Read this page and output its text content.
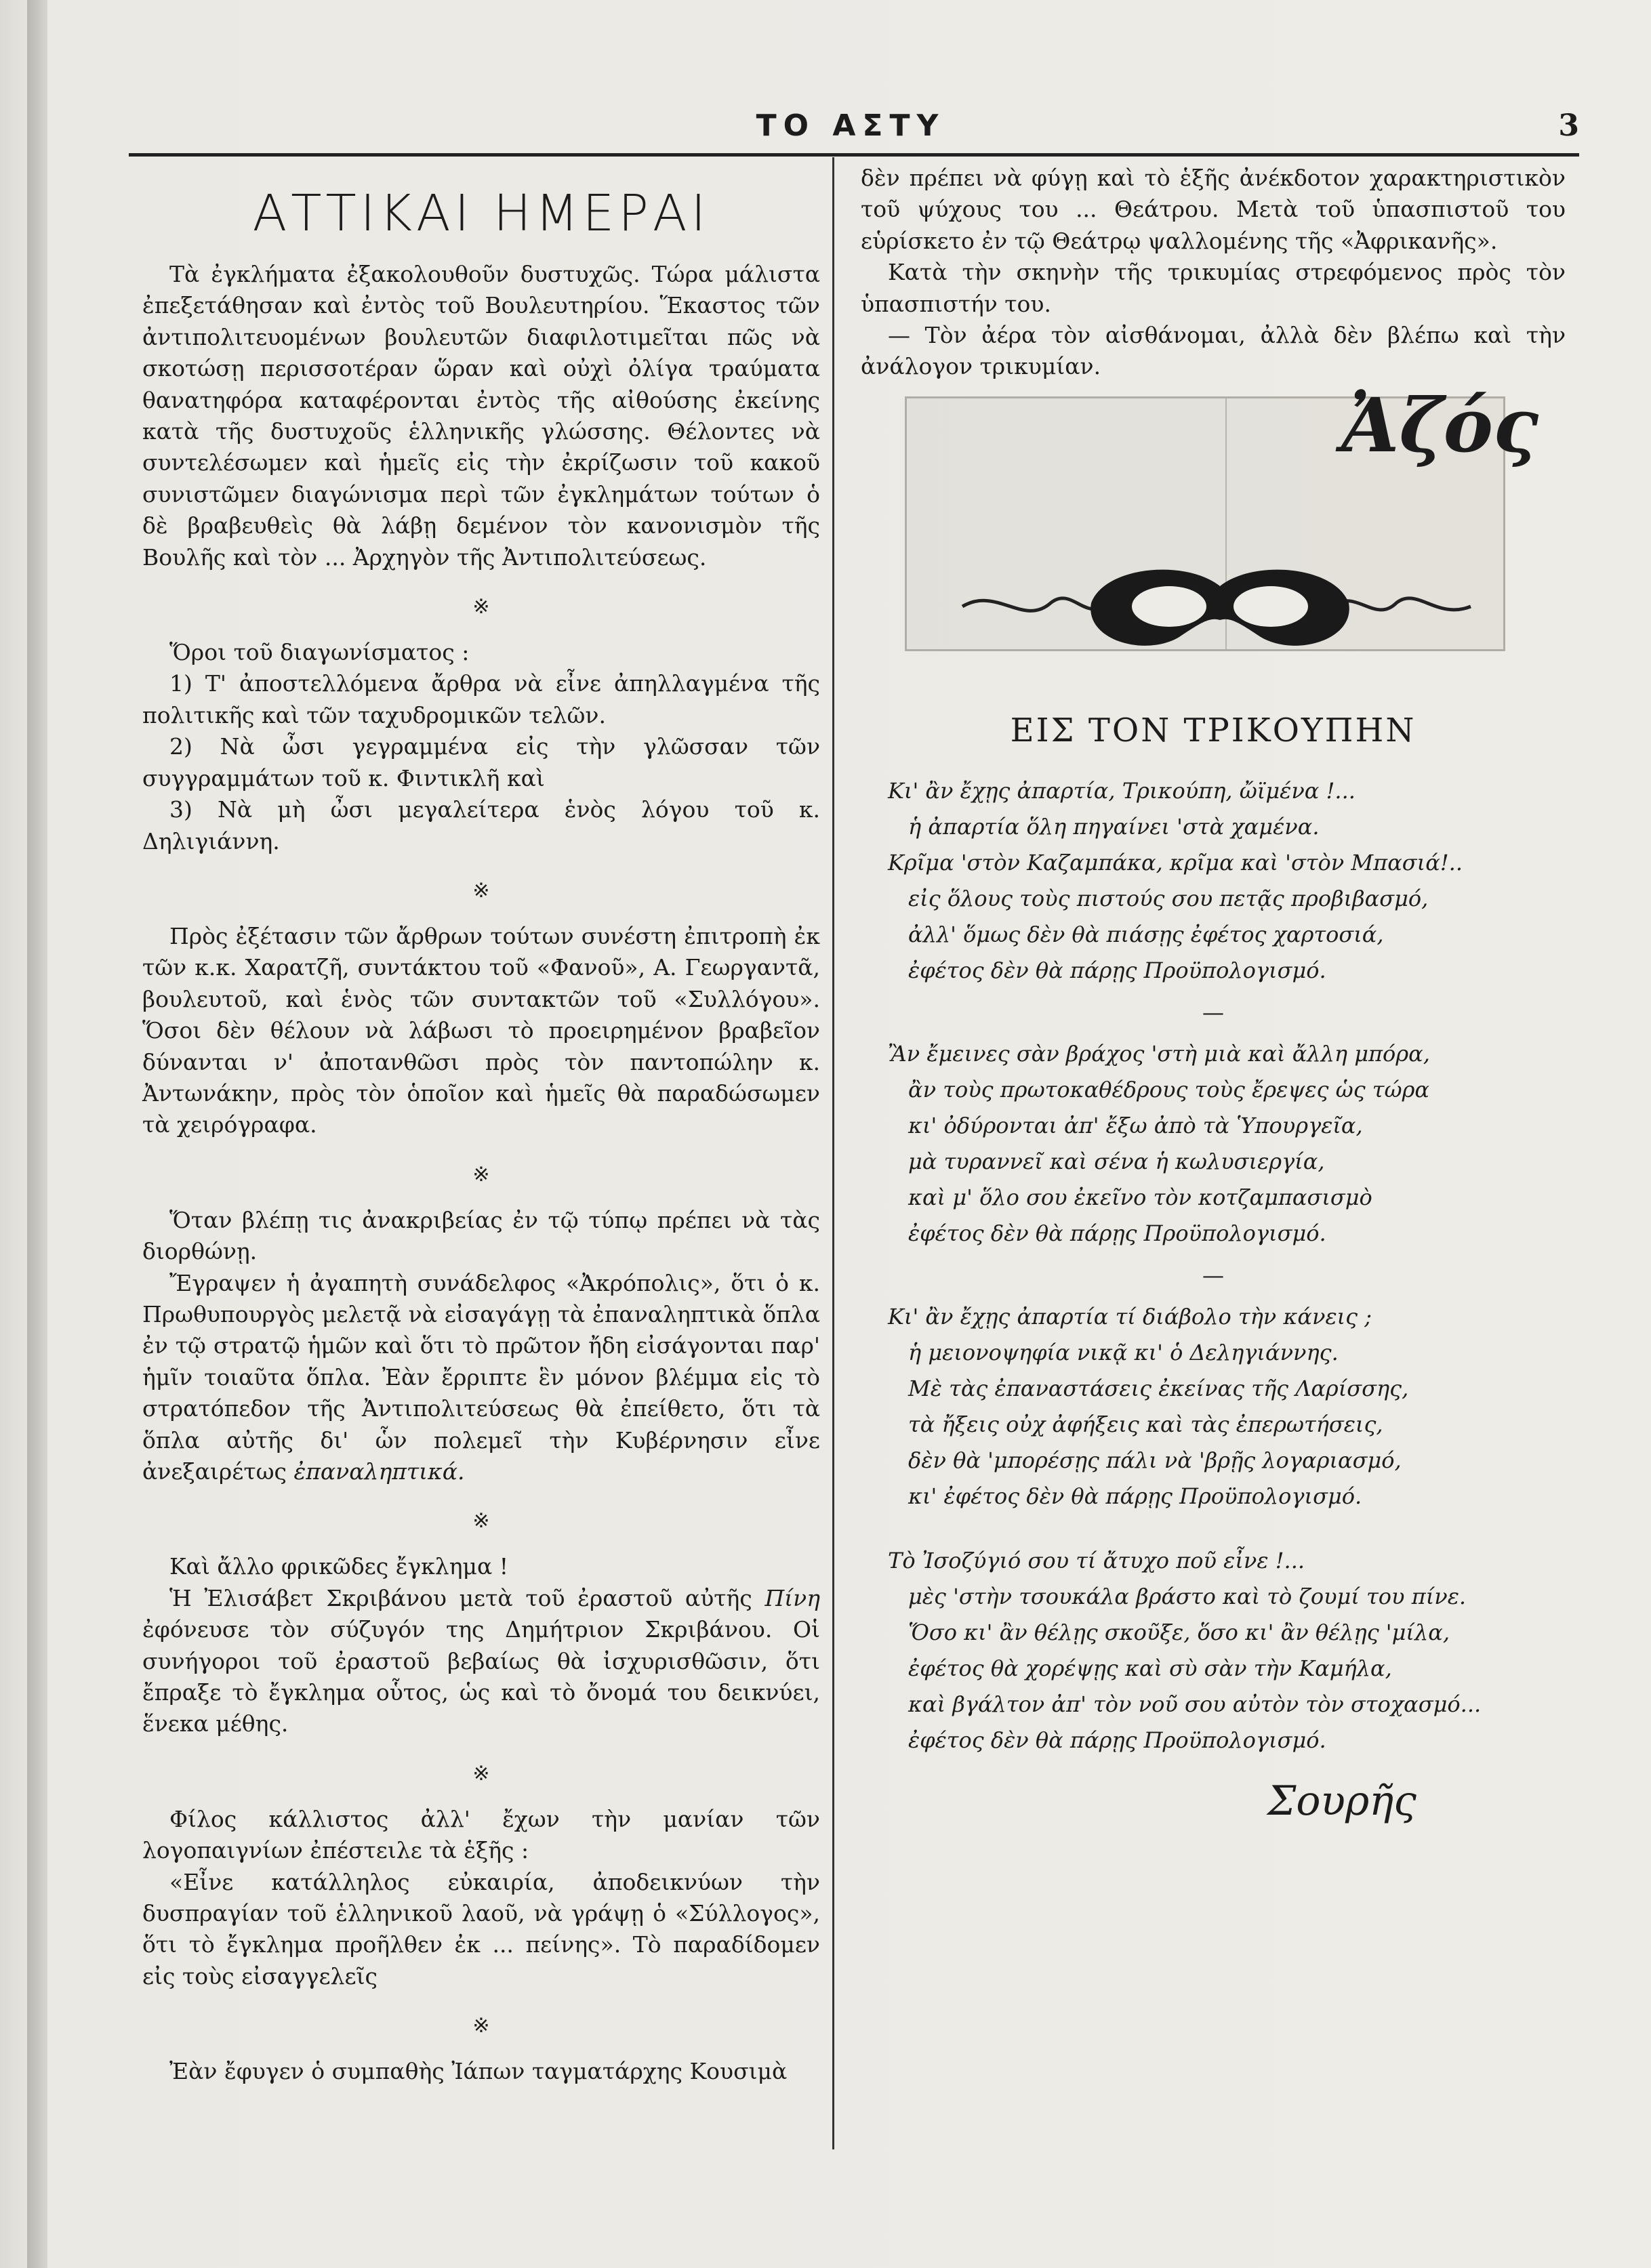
ΤΟ ΑΣΤΥ	3
ΑΤΤΙΚΑΙ ΗΜΕΡΑΙ

Τὰ ἐγκλήματα ἐξακολουθοῦν δυστυχῶς. Τώρα μάλιστα ἐπεξετάθησαν καὶ ἐντὸς τοῦ Βουλευτηρίου. Ἕκαστος τῶν ἀντιπολιτευομένων βουλευτῶν διαφιλοτιμεῖται πῶς νὰ σκοτώσῃ περισσοτέραν ὥραν καὶ οὐχὶ ὀλίγα τραύματα θανατηφόρα καταφέρονται ἐντὸς τῆς αἰθούσης ἐκείνης κατὰ τῆς δυστυχοῦς ἑλληνικῆς γλώσσης. Θέλοντες νὰ συντελέσωμεν καὶ ἡμεῖς εἰς τὴν ἐκρίζωσιν τοῦ κακοῦ συνιστῶμεν διαγώνισμα περὶ τῶν ἐγκλημάτων τούτων ὁ δὲ βραβευθεὶς θὰ λάβῃ δεμένον τὸν κανονισμὸν τῆς Βουλῆς καὶ τὸν ... Ἀρχηγὸν τῆς Ἀντιπολιτεύσεως.

※

Ὅροι τοῦ διαγωνίσματος :

1) Τ' ἀποστελλόμενα ἄρθρα νὰ εἶνε ἀπηλλαγμένα τῆς πολιτικῆς καὶ τῶν ταχυδρομικῶν τελῶν.

2) Νὰ ὦσι γεγραμμένα εἰς τὴν γλῶσσαν τῶν συγγραμμάτων τοῦ κ. Φιντικλῆ καὶ

3) Νὰ μὴ ὦσι μεγαλείτερα ἑνὸς λόγου τοῦ κ. Δηλιγιάννη.

※

Πρὸς ἐξέτασιν τῶν ἄρθρων τούτων συνέστη ἐπιτροπὴ ἐκ τῶν κ.κ. Χαρατζῆ, συντάκτου τοῦ «Φανοῦ», Α. Γεωργαντᾶ, βουλευτοῦ, καὶ ἑνὸς τῶν συντακτῶν τοῦ «Συλλόγου». Ὅσοι δὲν θέλουν νὰ λάβωσι τὸ προειρημένον βραβεῖον δύνανται ν' ἀποτανθῶσι πρὸς τὸν παντοπώλην κ. Ἀντωνάκην, πρὸς τὸν ὁποῖον καὶ ἡμεῖς θὰ παραδώσωμεν τὰ χειρόγραφα.

※

Ὅταν βλέπῃ τις ἀνακριβείας ἐν τῷ τύπῳ πρέπει νὰ τὰς διορθώνῃ.

Ἔγραψεν ἡ ἀγαπητὴ συνάδελφος «Ἀκρόπολις», ὅτι ὁ κ. Πρωθυπουργὸς μελετᾷ νὰ εἰσαγάγῃ τὰ ἐπαναληπτικὰ ὅπλα ἐν τῷ στρατῷ ἡμῶν καὶ ὅτι τὸ πρῶτον ἤδη εἰσάγονται παρ' ἡμῖν τοιαῦτα ὅπλα. Ἐὰν ἔρριπτε ἓν μόνον βλέμμα εἰς τὸ στρατόπεδον τῆς Ἀντιπολιτεύσεως θὰ ἐπείθετο, ὅτι τὰ ὅπλα αὐτῆς δι' ὧν πολεμεῖ τὴν Κυβέρνησιν εἶνε ἀνεξαιρέτως ἐπαναληπτικά.

※

Καὶ ἄλλο φρικῶδες ἔγκλημα !

Ἡ Ἐλισάβετ Σκριβάνου μετὰ τοῦ ἐραστοῦ αὐτῆς Πίνη ἐφόνευσε τὸν σύζυγόν της Δημήτριον Σκριβάνου. Οἱ συνήγοροι τοῦ ἐραστοῦ βεβαίως θὰ ἰσχυρισθῶσιν, ὅτι ἔπραξε τὸ ἔγκλημα οὗτος, ὡς καὶ τὸ ὄνομά του δεικνύει, ἕνεκα μέθης.

※

Φίλος κάλλιστος ἀλλ' ἔχων τὴν μανίαν τῶν λογοπαιγνίων ἐπέστειλε τὰ ἑξῆς :

«Εἶνε κατάλληλος εὐκαιρία, ἀποδεικνύων τὴν δυσπραγίαν τοῦ ἑλληνικοῦ λαοῦ, νὰ γράψῃ ὁ «Σύλλογος», ὅτι τὸ ἔγκλημα προῆλθεν ἐκ ... πείνης». Τὸ παραδίδομεν εἰς τοὺς εἰσαγγελεῖς

※

Ἐὰν ἔφυγεν ὁ συμπαθὴς Ἰάπων ταγματάρχης Κουσιμὰ

δὲν πρέπει νὰ φύγῃ καὶ τὸ ἑξῆς ἀνέκδοτον χαρακτηριστικὸν τοῦ ψύχους του ... Θεάτρου. Μετὰ τοῦ ὑπασπιστοῦ του εὑρίσκετο ἐν τῷ Θεάτρῳ ψαλλομένης τῆς «Ἀφρικανῆς».

Κατὰ τὴν σκηνὴν τῆς τρικυμίας στρεφόμενος πρὸς τὸν ὑπασπιστήν του.

— Τὸν ἀέρα τὸν αἰσθάνομαι, ἀλλὰ δὲν βλέπω καὶ τὴν ἀνάλογον τρικυμίαν.

Ἀζός
ΕΙΣ ΤΟΝ ΤΡΙΚΟΥΠΗΝ

Κι' ἂν ἔχῃς ἀπαρτία, Τρικούπη, ὤϊμένα !...

ἡ ἀπαρτία ὅλη πηγαίνει 'στὰ χαμένα.

Κρῖμα 'στὸν Καζαμπάκα, κρῖμα καὶ 'στὸν Μπασιά!..

εἰς ὅλους τοὺς πιστούς σου πετᾷς προβιβασμό,

ἀλλ' ὅμως δὲν θὰ πιάσῃς ἐφέτος χαρτοσιά,

ἐφέτος δὲν θὰ πάρῃς Προϋπολογισμό.

—

Ἂν ἔμεινες σὰν βράχος 'στὴ μιὰ καὶ ἄλλη μπόρα,

ἂν τοὺς πρωτοκαθέδρους τοὺς ἔρεψες ὡς τώρα

κι' ὀδύρονται ἀπ' ἔξω ἀπὸ τὰ Ὑπουργεῖα,

μὰ τυραννεῖ καὶ σένα ἡ κωλυσιεργία,

καὶ μ' ὅλο σου ἐκεῖνο τὸν κοτζαμπασισμὸ

ἐφέτος δὲν θὰ πάρῃς Προϋπολογισμό.

—

Κι' ἂν ἔχῃς ἀπαρτία τί διάβολο τὴν κάνεις ;

ἡ μειονοψηφία νικᾷ κι' ὁ Δεληγιάννης.

Μὲ τὰς ἐπαναστάσεις ἐκείνας τῆς Λαρίσσης,

τὰ ἤξεις οὐχ ἀφήξεις καὶ τὰς ἐπερωτήσεις,

δὲν θὰ 'μπορέσῃς πάλι νὰ 'βρῇς λογαριασμό,

κι' ἐφέτος δὲν θὰ πάρῃς Προϋπολογισμό.

Τὸ Ἰσοζύγιό σου τί ἄτυχο ποῦ εἶνε !...

μὲς 'στὴν τσουκάλα βράστο καὶ τὸ ζουμί του πίνε.

Ὅσο κι' ἂν θέλῃς σκοῦξε, ὅσο κι' ἂν θέλῃς 'μίλα,

ἐφέτος θὰ χορέψῃς καὶ σὺ σὰν τὴν Καμήλα,

καὶ βγάλτον ἀπ' τὸν νοῦ σου αὐτὸν τὸν στοχασμό...

ἐφέτος δὲν θὰ πάρῃς Προϋπολογισμό.

Σουρῆς
